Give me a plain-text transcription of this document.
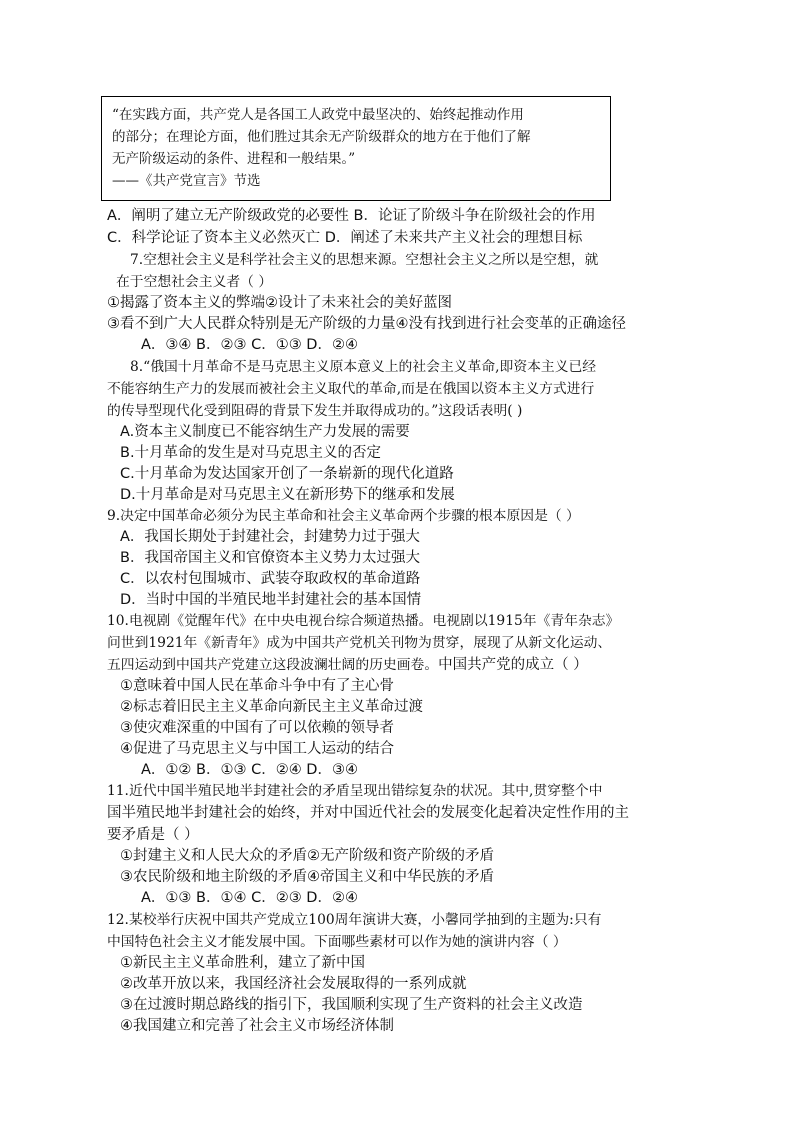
“在实践方面，共产党人是各国工人政党中最坚决的、始终起推动作用
的部分；在理论方面，他们胜过其余无产阶级群众的地方在于他们了解
无产阶级运动的条件、进程和一般结果。”
——《共产党宣言》节选
A．阐明了建立无产阶级政党的必要性 B．论证了阶级斗争在阶级社会的作用
C．科学论证了资本主义必然灭亡 D．阐述了未来共产主义社会的理想目标
7.空想社会主义是科学社会主义的思想来源。空想社会主义之所以是空想，就
在于空想社会主义者（ ）
①揭露了资本主义的弊端②设计了未来社会的美好蓝图
③看不到广大人民群众特别是无产阶级的力量④没有找到进行社会变革的正确途径
A．③④ B．②③ C．①③ D．②④
8.“俄国十月革命不是马克思主义原本意义上的社会主义革命,即资本主义已经
不能容纳生产力的发展而被社会主义取代的革命,而是在俄国以资本主义方式进行
的传导型现代化受到阻碍的背景下发生并取得成功的。”这段话表明( )
A.资本主义制度已不能容纳生产力发展的需要
B.十月革命的发生是对马克思主义的否定
C.十月革命为发达国家开创了一条崭新的现代化道路
D.十月革命是对马克思主义在新形势下的继承和发展
9.决定中国革命必须分为民主革命和社会主义革命两个步骤的根本原因是（ ）
A．我国长期处于封建社会，封建势力过于强大
B．我国帝国主义和官僚资本主义势力太过强大
C．以农村包围城市、武装夺取政权的革命道路
D．当时中国的半殖民地半封建社会的基本国情
10.电视剧《觉醒年代》在中央电视台综合频道热播。电视剧以1915年《青年杂志》
问世到1921年《新青年》成为中国共产党机关刊物为贯穿，展现了从新文化运动、
五四运动到中国共产党建立这段波澜壮阔的历史画卷。中国共产党的成立（ ）
①意味着中国人民在革命斗争中有了主心骨
②标志着旧民主主义革命向新民主主义革命过渡
③使灾难深重的中国有了可以依赖的领导者
④促进了马克思主义与中国工人运动的结合
A．①② B．①③ C．②④ D．③④
11.近代中国半殖民地半封建社会的矛盾呈现出错综复杂的状况。其中,贯穿整个中
国半殖民地半封建社会的始终，并对中国近代社会的发展变化起着决定性作用的主
要矛盾是（ ）
①封建主义和人民大众的矛盾②无产阶级和资产阶级的矛盾
③农民阶级和地主阶级的矛盾④帝国主义和中华民族的矛盾
A．①③ B．①④ C．②③ D．②④
12.某校举行庆祝中国共产党成立100周年演讲大赛，小馨同学抽到的主题为:只有
中国特色社会主义才能发展中国。下面哪些素材可以作为她的演讲内容（ ）
①新民主主义革命胜利，建立了新中国
②改革开放以来，我国经济社会发展取得的一系列成就
③在过渡时期总路线的指引下，我国顺利实现了生产资料的社会主义改造
④我国建立和完善了社会主义市场经济体制
